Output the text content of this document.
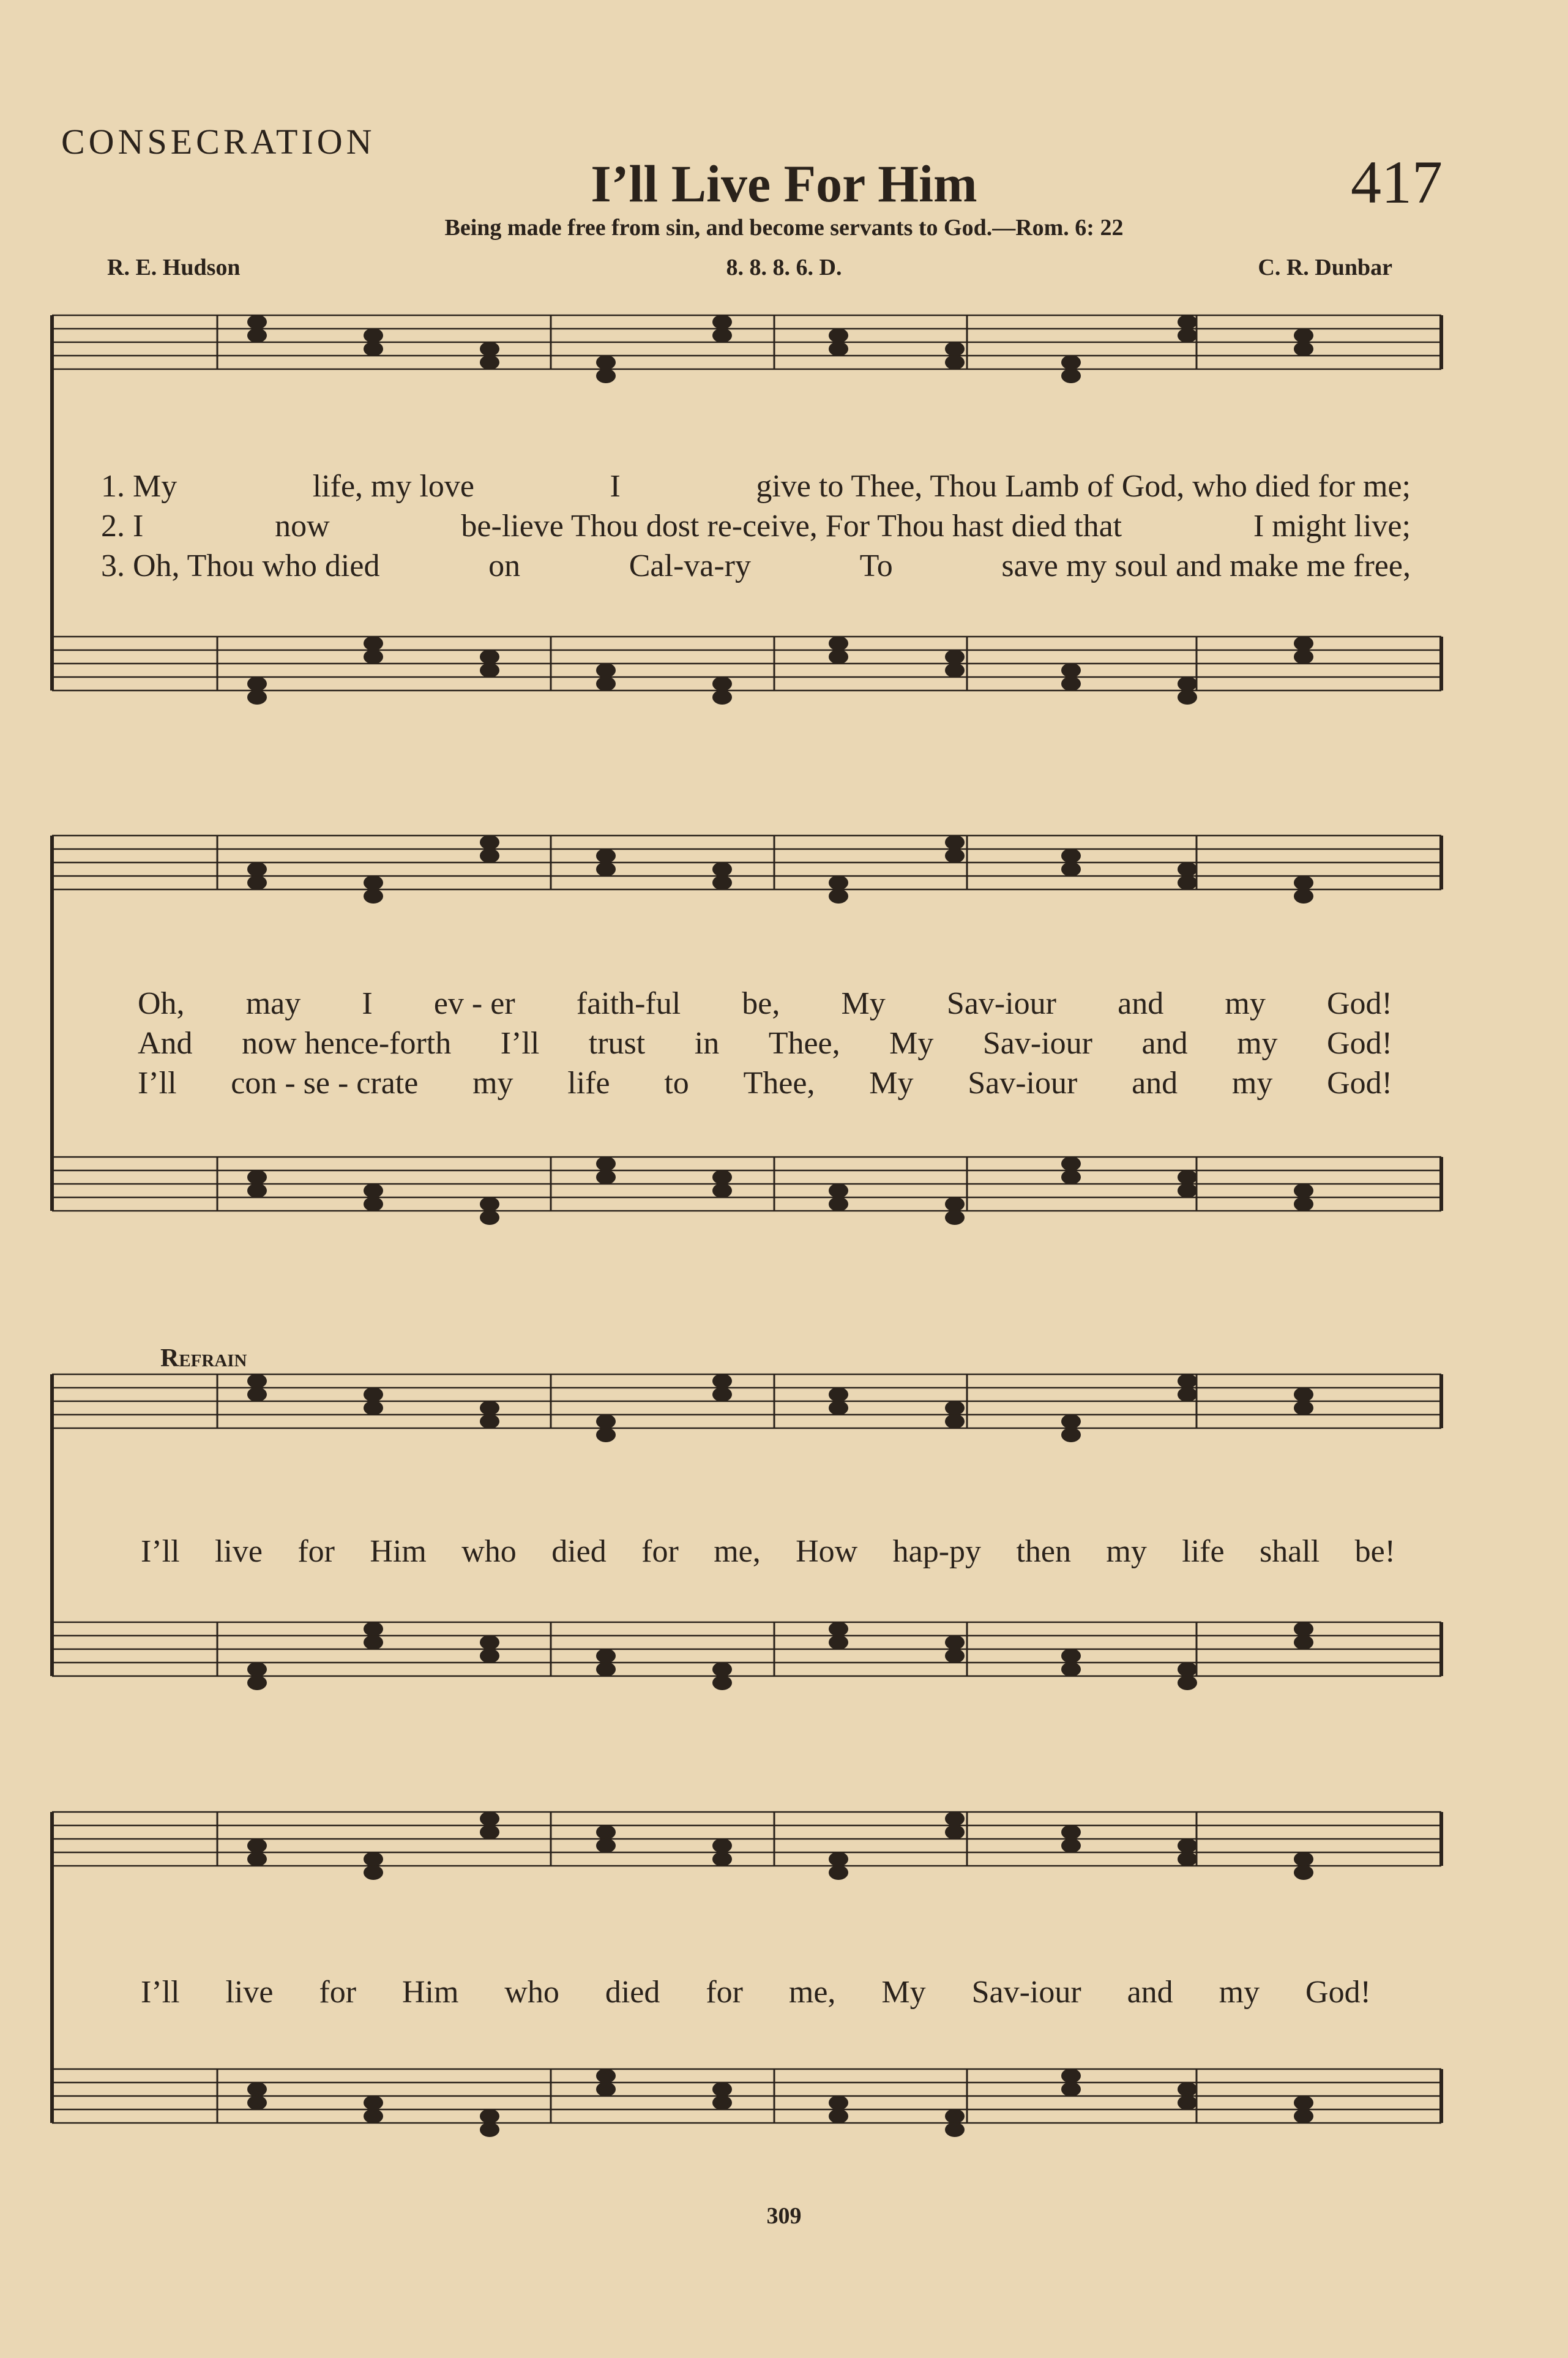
CONSECRATION
I’ll Live For Him	417
Being made free from sin, and become servants to God.—Rom. 6: 22
R. E. Hudson	8. 8. 8. 6. D.	C. R. Dunbar
1. My	life, my love	I	give to Thee, Thou Lamb of God, who died for me;
2. I	now	be-lieve Thou dost re-ceive, For Thou hast died that	I might live;
3. Oh, Thou who died	on	Cal-va-ry	To	save my soul and make me free,
Oh, may I ev - er faith-ful be, My Sav-iour and my God!
And now hence-forth I’ll trust in Thee, My Sav-iour and my God!
I’ll con - se - crate my life to Thee, My Sav-iour and my God!
Refrain
I’ll live for Him who died for me, How hap-py then my life shall be!
I’ll live for Him who died for me, My Sav-iour and my God!
309
